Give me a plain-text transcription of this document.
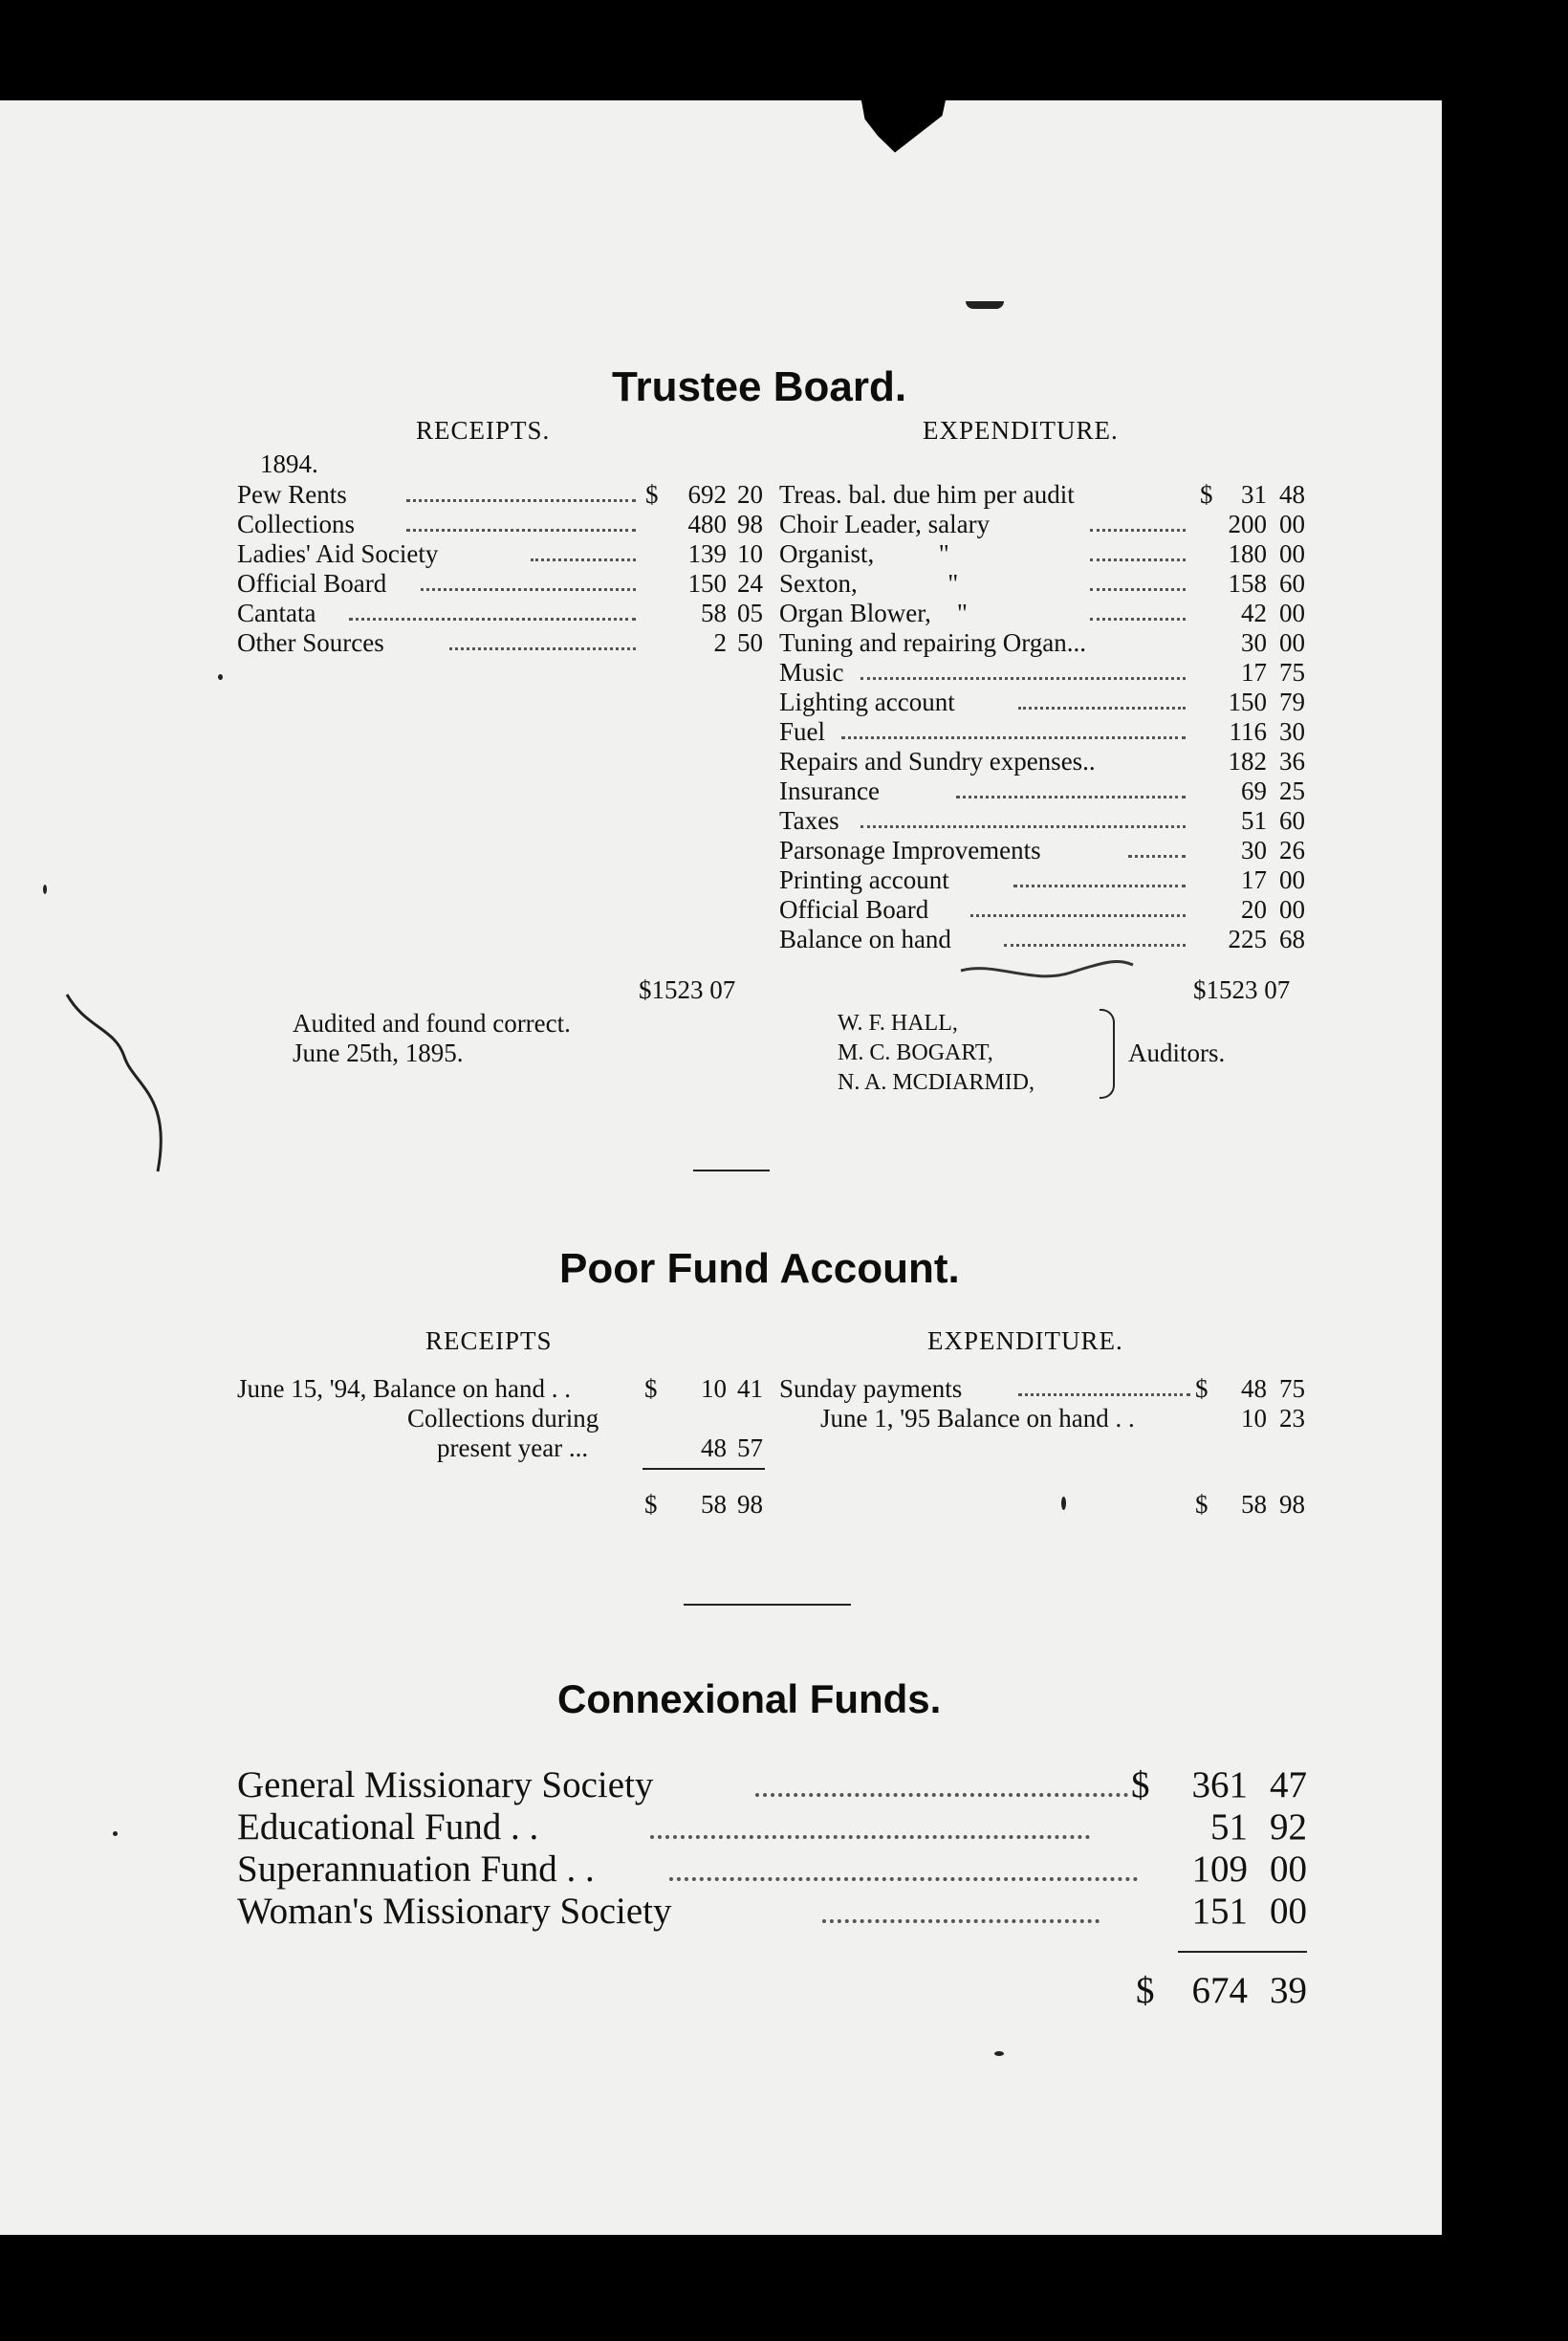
Trustee Board.
RECEIPTS.	EXPENDITURE.
1894.
Pew Rents	$	692 20
Collections	480 98
Ladies' Aid Society	139 10
Official Board	150 24
Cantata	58 05
Other Sources	2 50
Treas. bal. due him per audit	$	31 48
Choir Leader, salary	200 00
Organist,          "	180 00
Sexton,              "	158 60
Organ Blower,    "	42 00
Tuning and repairing Organ...	30 00
Music	17 75
Lighting account	150 79
Fuel	116 30
Repairs and Sundry expenses..	182 36
Insurance	69 25
Taxes	51 60
Parsonage Improvements	30 26
Printing account	17 00
Official Board	20 00
Balance on hand	225 68
$1523 07	$1523 07
Audited and found correct.
June 25th, 1895.
W. F. HALL,
M. C. BOGART,
N. A. MCDIARMID,
Auditors.
Poor Fund Account.
RECEIPTS	EXPENDITURE.
June 15, '94, Balance on hand . .	$	10 41
Collections during
present year ...	48 57
Sunday payments	$	48 75
June 1, '95 Balance on hand . .	10 23
$	58 98	$	58 98
Connexional Funds.
General Missionary Society	$	361 47
Educational Fund . .	51 92
Superannuation Fund . .	109 00
Woman's Missionary Society	151 00
$	674 39
